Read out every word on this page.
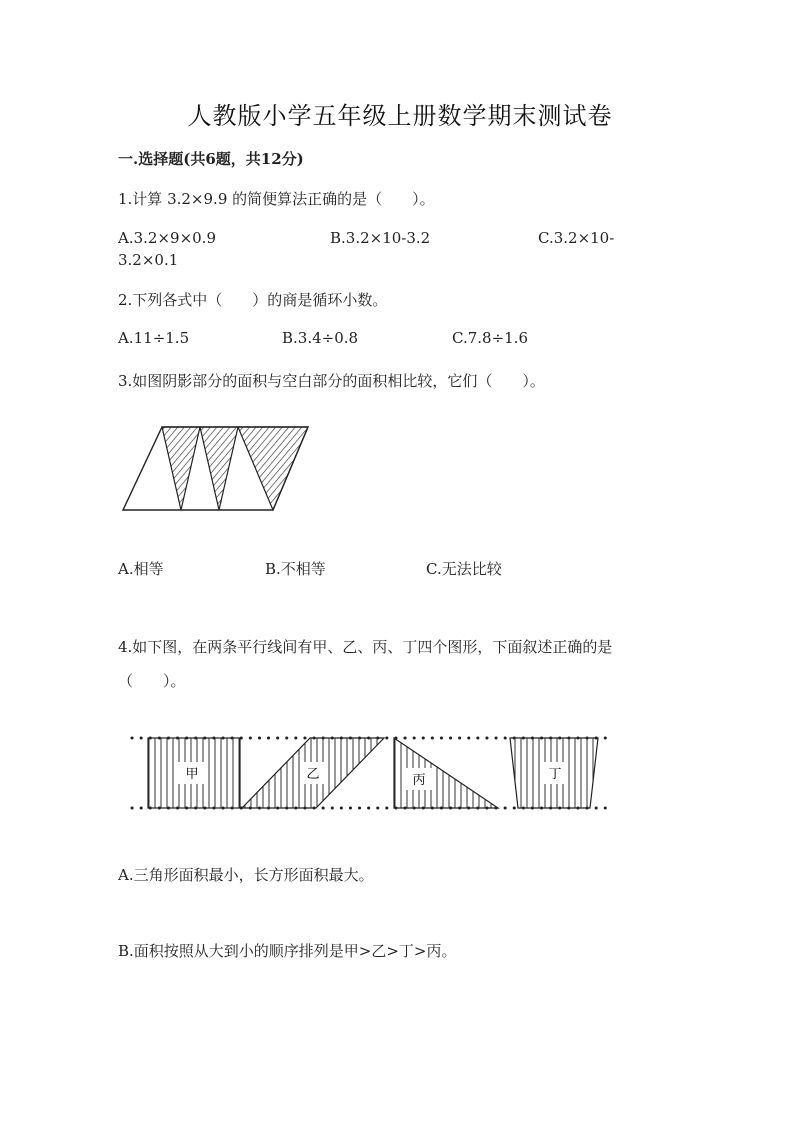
人教版小学五年级上册数学期末测试卷
一.选择题(共6题，共12分)
1.计算 3.2×9.9 的简便算法正确的是（　　）。
A.3.2×9×0.9	B.3.2×10-3.2	C.3.2×10-
3.2×0.1
2.下列各式中（　　）的商是循环小数。
A.11÷1.5	B.3.4÷0.8	C.7.8÷1.6
3.如图阴影部分的面积与空白部分的面积相比较，它们（　　）。
A.相等	B.不相等	C.无法比较
4.如下图，在两条平行线间有甲、乙、丙、丁四个图形，下面叙述正确的是
（　　）。
甲	乙	丙	丁
A.三角形面积最小，长方形面积最大。
B.面积按照从大到小的顺序排列是甲>乙>丁>丙。
